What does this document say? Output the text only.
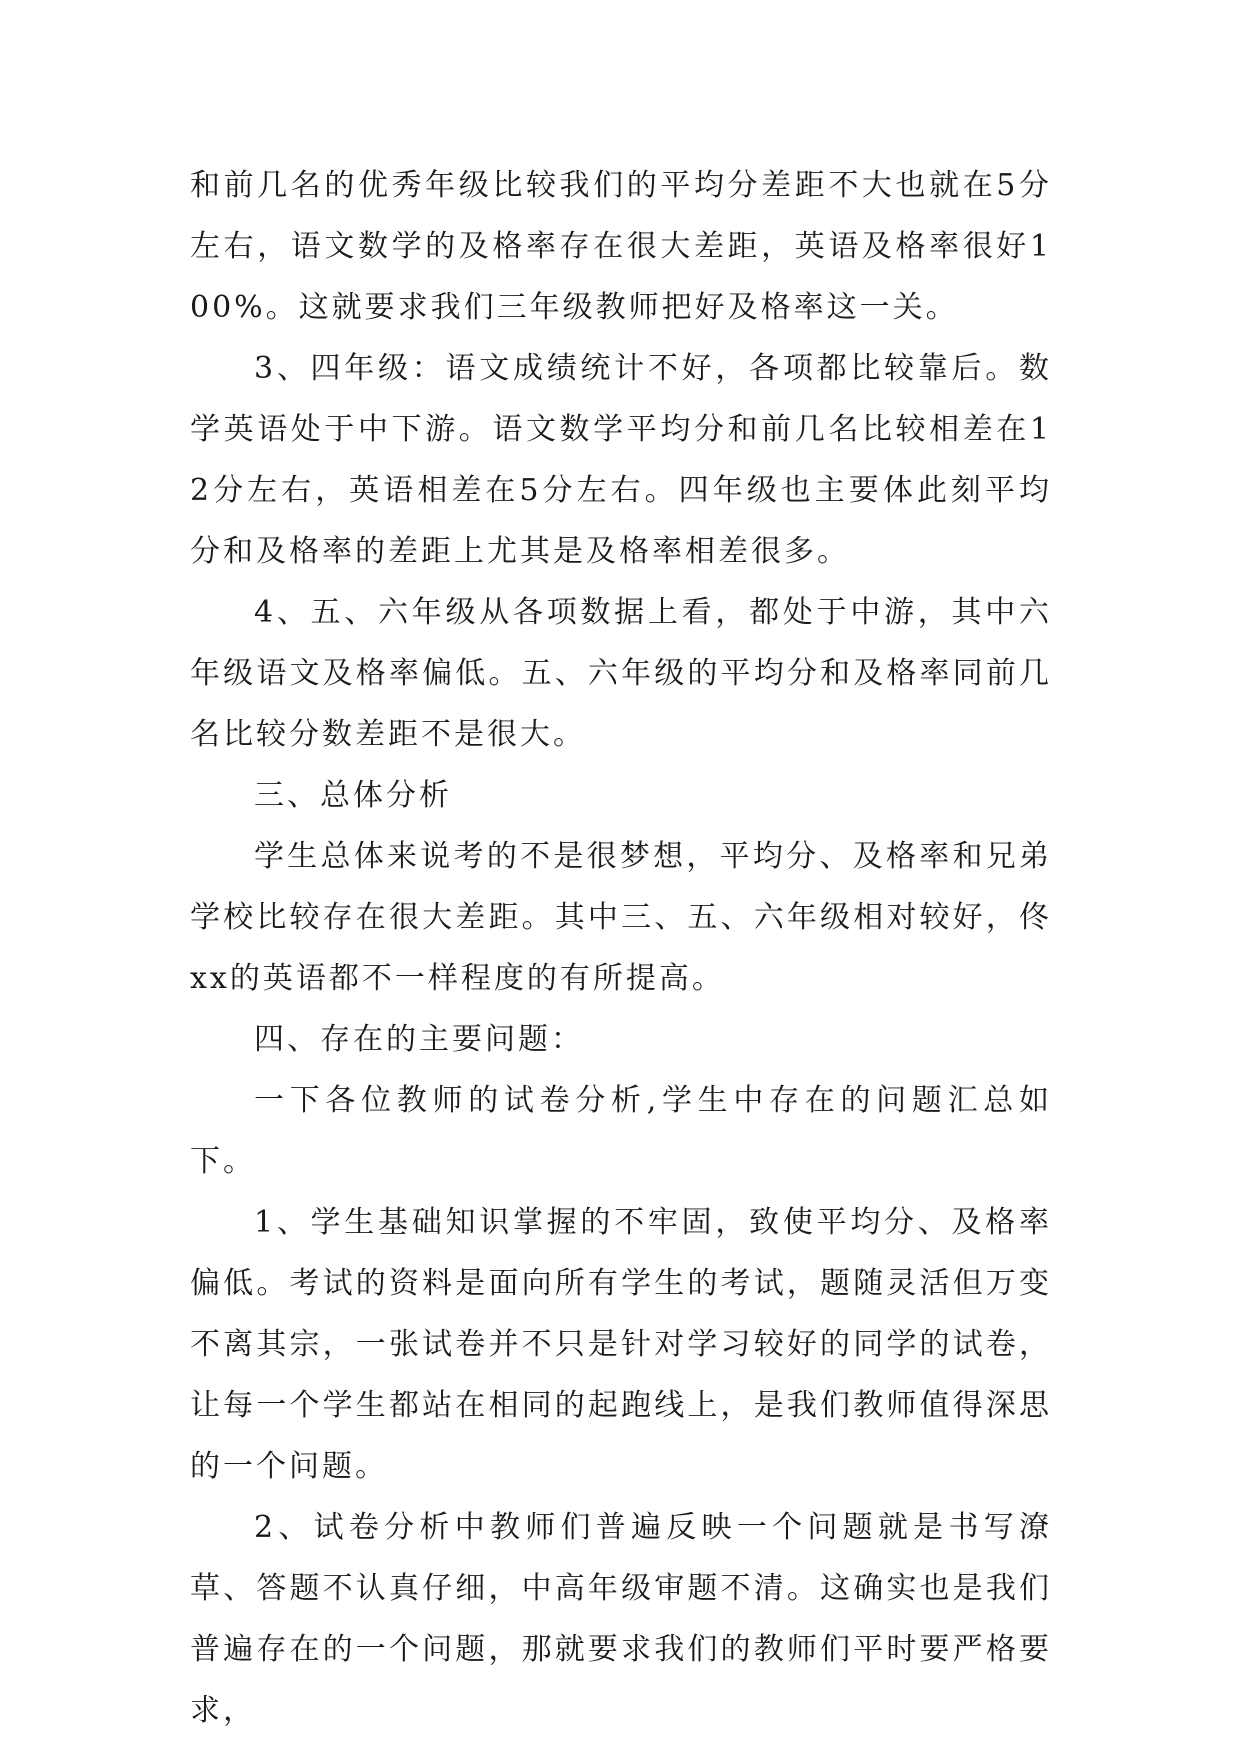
和前几名的优秀年级比较我们的平均分差距不大也就在5分左右，语文数学的及格率存在很大差距，英语及格率很好100%。这就要求我们三年级教师把好及格率这一关。

3、四年级：语文成绩统计不好，各项都比较靠后。数学英语处于中下游。语文数学平均分和前几名比较相差在12分左右，英语相差在5分左右。四年级也主要体此刻平均分和及格率的差距上尤其是及格率相差很多。

4、五、六年级从各项数据上看，都处于中游，其中六年级语文及格率偏低。五、六年级的平均分和及格率同前几名比较分数差距不是很大。

三、总体分析

学生总体来说考的不是很梦想，平均分、及格率和兄弟学校比较存在很大差距。其中三、五、六年级相对较好，佟xx的英语都不一样程度的有所提高。

四、存在的主要问题：

一下各位教师的试卷分析,学生中存在的问题汇总如下。

1、学生基础知识掌握的不牢固，致使平均分、及格率偏低。考试的资料是面向所有学生的考试，题随灵活但万变不离其宗，一张试卷并不只是针对学习较好的同学的试卷，让每一个学生都站在相同的起跑线上，是我们教师值得深思的一个问题。

2、试卷分析中教师们普遍反映一个问题就是书写潦草、答题不认真仔细，中高年级审题不清。这确实也是我们普遍存在的一个问题，那就要求我们的教师们平时要严格要求，
